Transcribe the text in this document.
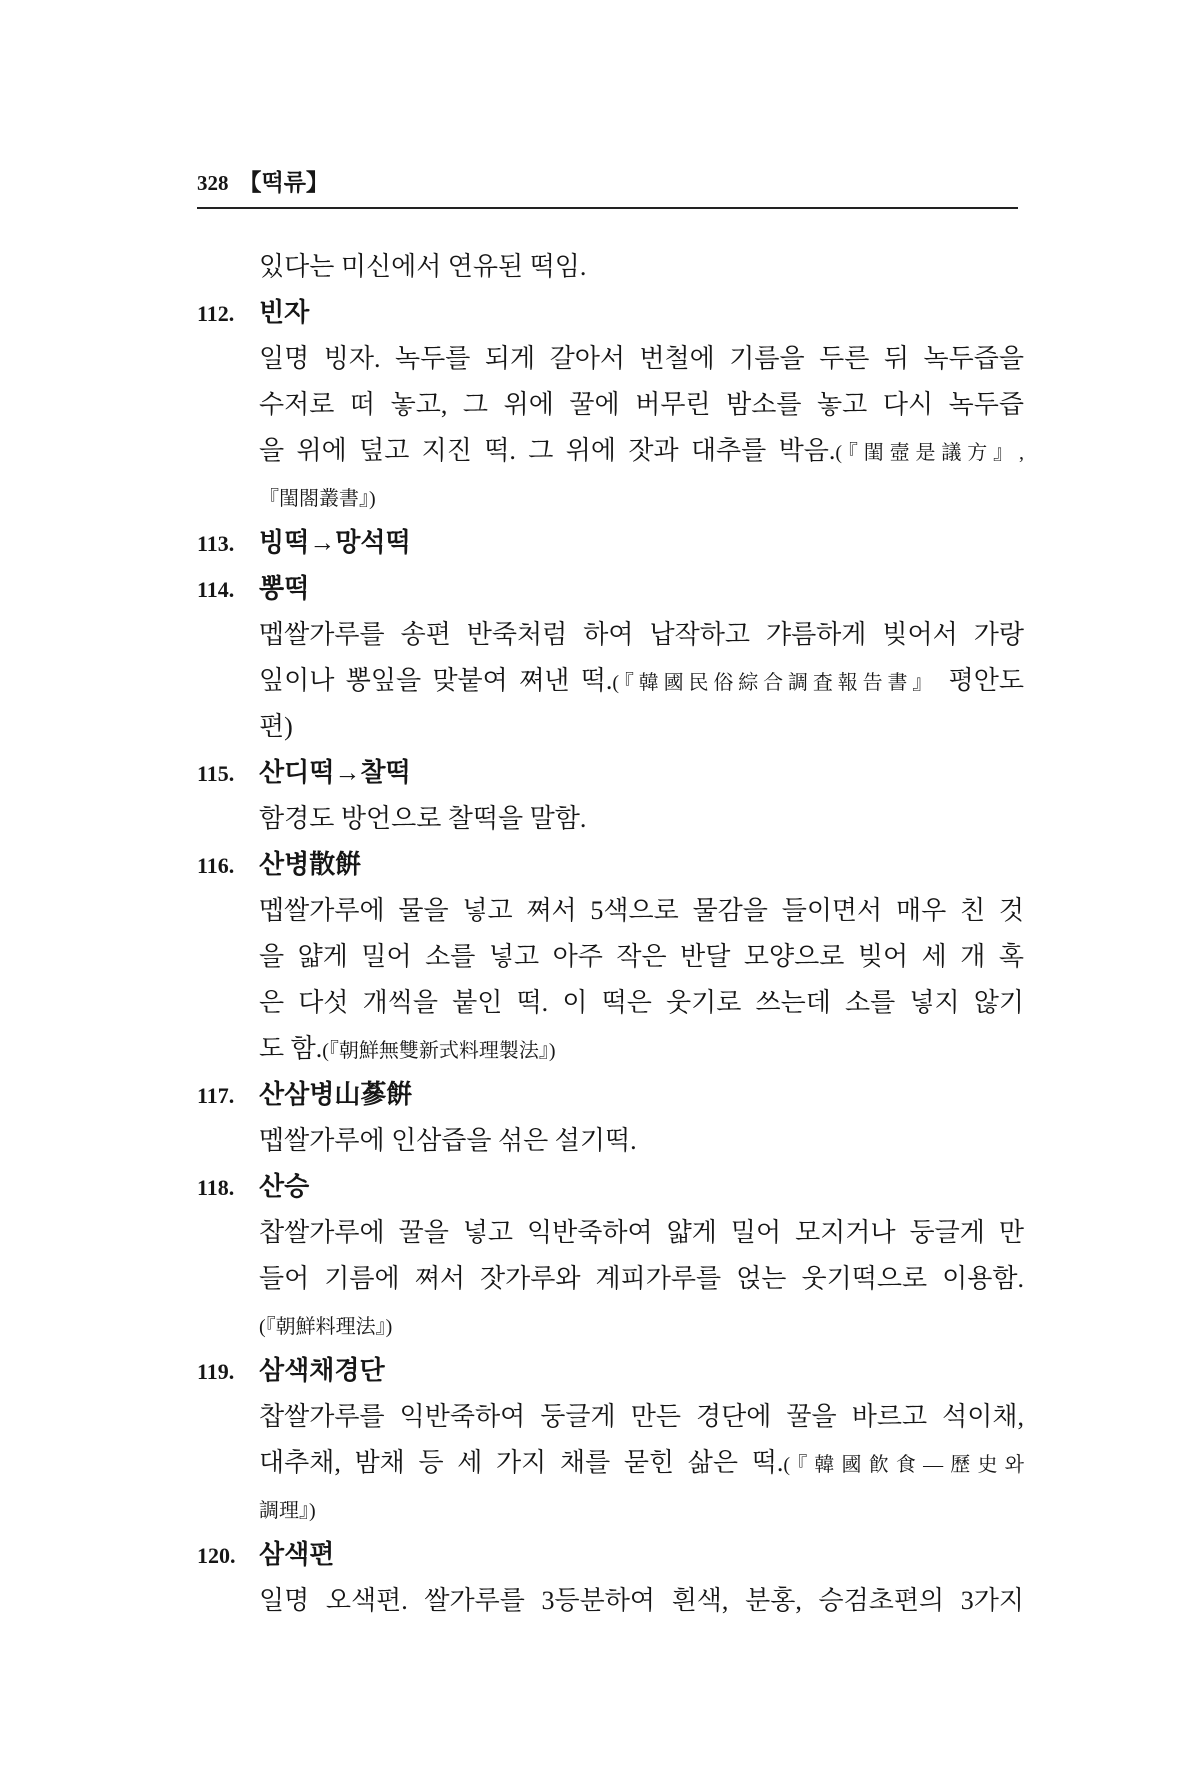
328 【떡류】
있다는 미신에서 연유된 떡임.
112. 빈자
일명 빙자. 녹두를 되게 갈아서 번철에 기름을 두른 뒤 녹두즙을
수저로 떠 놓고, 그 위에 꿀에 버무린 밤소를 놓고 다시 녹두즙
을 위에 덮고 지진 떡. 그 위에 잣과 대추를 박음.(『閨壼是議方』,
『閨閤叢書』)
113. 빙떡→망석떡
114. 뽕떡
멥쌀가루를 송편 반죽처럼 하여 납작하고 갸름하게 빚어서 가랑
잎이나 뽕잎을 맞붙여 쪄낸 떡.(『韓國民俗綜合調査報告書』 평안도
편)
115. 산디떡→찰떡
함경도 방언으로 찰떡을 말함.
116. 산병散餠
멥쌀가루에 물을 넣고 쪄서 5색으로 물감을 들이면서 매우 친 것
을 얇게 밀어 소를 넣고 아주 작은 반달 모양으로 빚어 세 개 혹
은 다섯 개씩을 붙인 떡. 이 떡은 웃기로 쓰는데 소를 넣지 않기
도 함.(『朝鮮無雙新式料理製法』)
117. 산삼병山蔘餠
멥쌀가루에 인삼즙을 섞은 설기떡.
118. 산승
찹쌀가루에 꿀을 넣고 익반죽하여 얇게 밀어 모지거나 둥글게 만
들어 기름에 쪄서 잣가루와 계피가루를 얹는 웃기떡으로 이용함.
(『朝鮮料理法』)
119. 삼색채경단
찹쌀가루를 익반죽하여 둥글게 만든 경단에 꿀을 바르고 석이채,
대추채, 밤채 등 세 가지 채를 묻힌 삶은 떡.(『韓國飮食—歷史와
調理』)
120. 삼색편
일명 오색편. 쌀가루를 3등분하여 흰색, 분홍, 승검초편의 3가지
